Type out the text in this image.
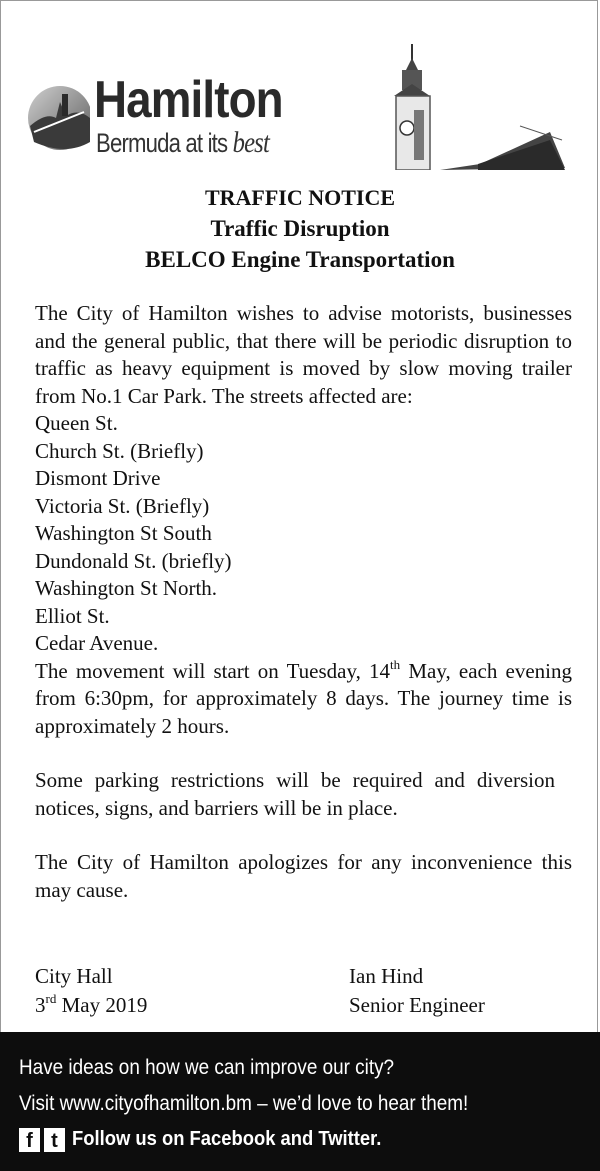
Hamilton
Bermuda at its best
TRAFFIC NOTICE
Traffic Disruption
BELCO Engine Transportation

The City of Hamilton wishes to advise motorists, businesses and the general public, that there will be periodic disruption to traffic as heavy equipment is moved by slow moving trailer from No.1 Car Park. The streets affected are:

Queen St.
Church St. (Briefly)
Dismont Drive
Victoria St. (Briefly)
Washington St South
Dundonald St. (briefly)
Washington St North.
Elliot St.
Cedar Avenue.

The movement will start on Tuesday, 14th May, each evening from 6:30pm, for approximately 8 days. The journey time is approximately 2 hours.

Some parking restrictions will be required and diversion notices, signs, and barriers will be in place.

The City of Hamilton apologizes for any inconvenience this may cause.

City Hall
3rd May 2019
Ian Hind
Senior Engineer
Have ideas on how we can improve our city?
Visit www.cityofhamilton.bm – we’d love to hear them!
f t Follow us on Facebook and Twitter.
